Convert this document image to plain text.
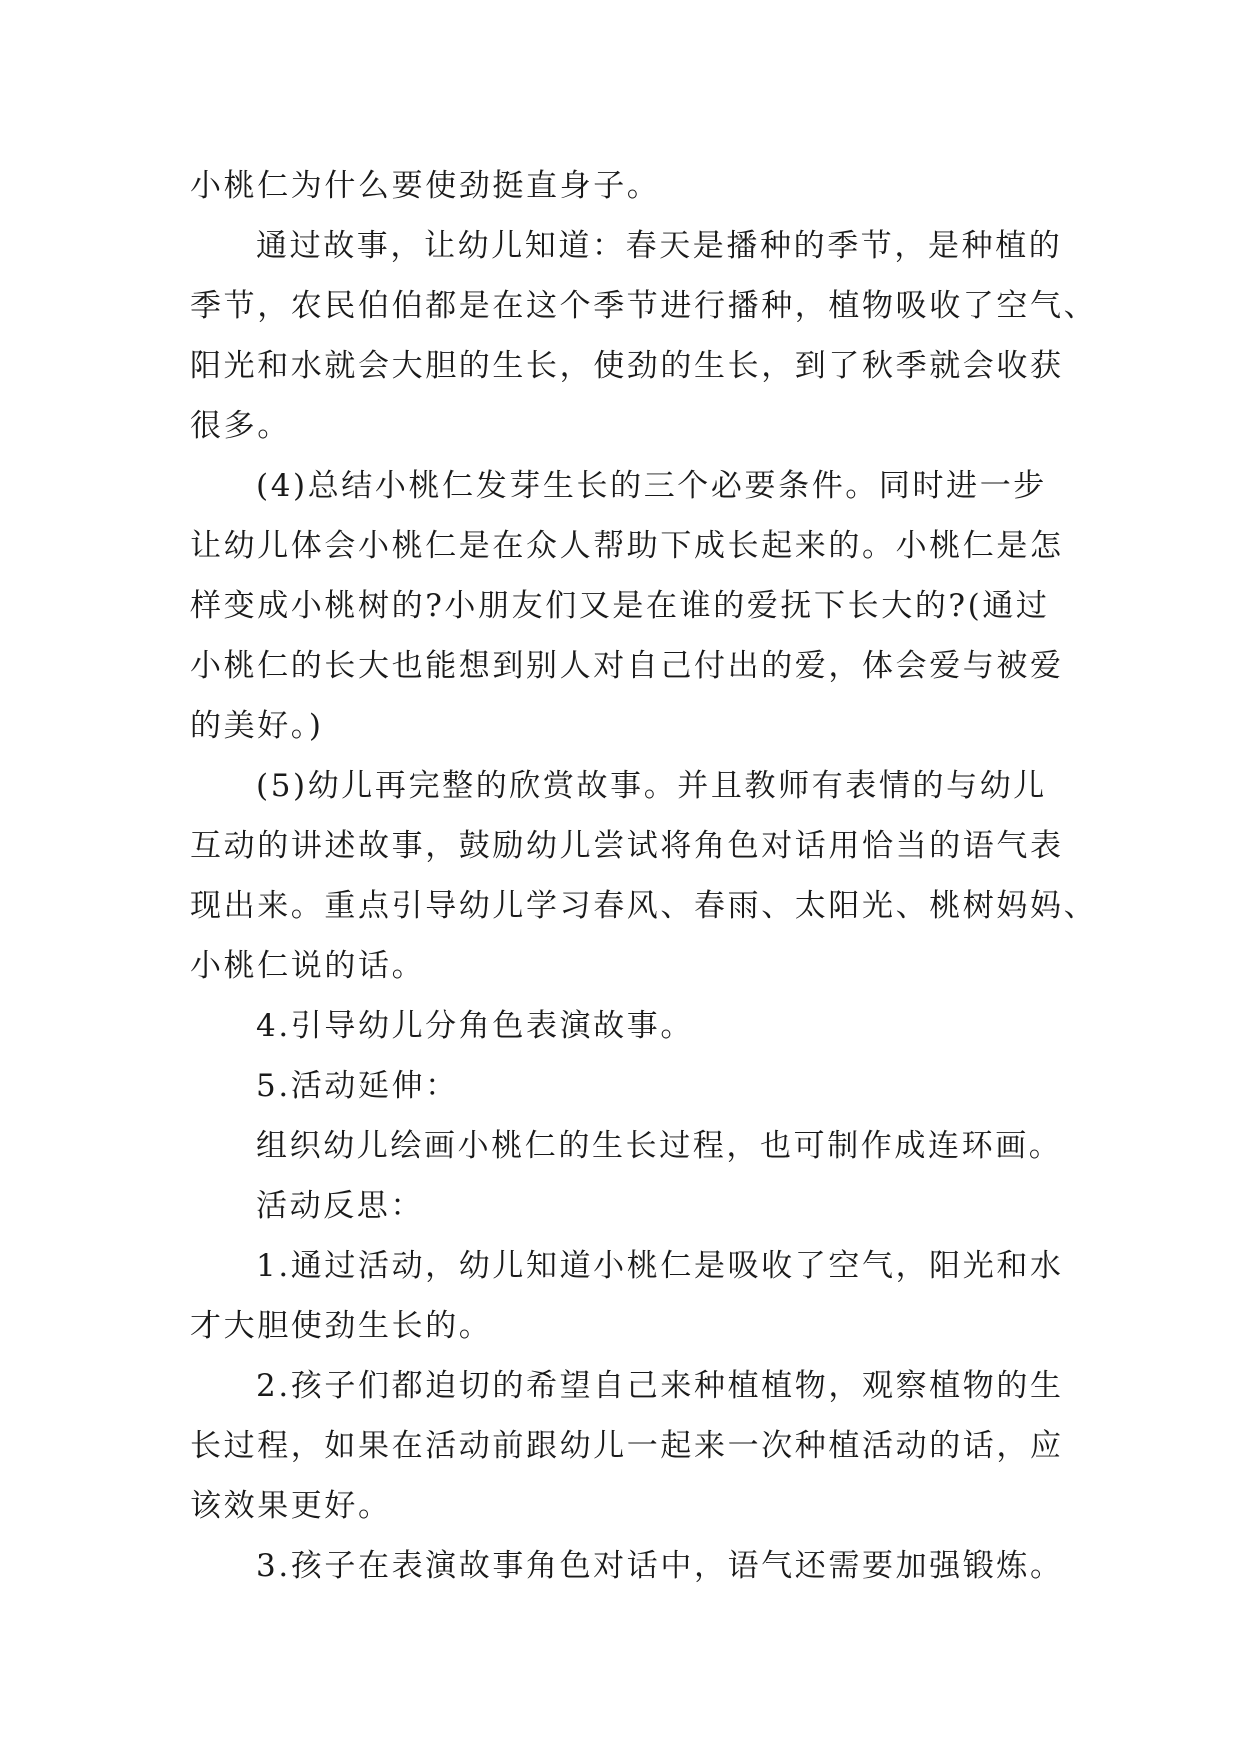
小桃仁为什么要使劲挺直身子。
通过故事，让幼儿知道：春天是播种的季节，是种植的
季节，农民伯伯都是在这个季节进行播种，植物吸收了空气、
阳光和水就会大胆的生长，使劲的生长，到了秋季就会收获
很多。
(4)总结小桃仁发芽生长的三个必要条件。同时进一步
让幼儿体会小桃仁是在众人帮助下成长起来的。小桃仁是怎
样变成小桃树的?小朋友们又是在谁的爱抚下长大的?(通过
小桃仁的长大也能想到别人对自己付出的爱，体会爱与被爱
的美好。)
(5)幼儿再完整的欣赏故事。并且教师有表情的与幼儿
互动的讲述故事，鼓励幼儿尝试将角色对话用恰当的语气表
现出来。重点引导幼儿学习春风、春雨、太阳光、桃树妈妈、
小桃仁说的话。
4.引导幼儿分角色表演故事。
5.活动延伸：
组织幼儿绘画小桃仁的生长过程，也可制作成连环画。
活动反思：
1.通过活动，幼儿知道小桃仁是吸收了空气，阳光和水
才大胆使劲生长的。
2.孩子们都迫切的希望自己来种植植物，观察植物的生
长过程，如果在活动前跟幼儿一起来一次种植活动的话，应
该效果更好。
3.孩子在表演故事角色对话中，语气还需要加强锻炼。
